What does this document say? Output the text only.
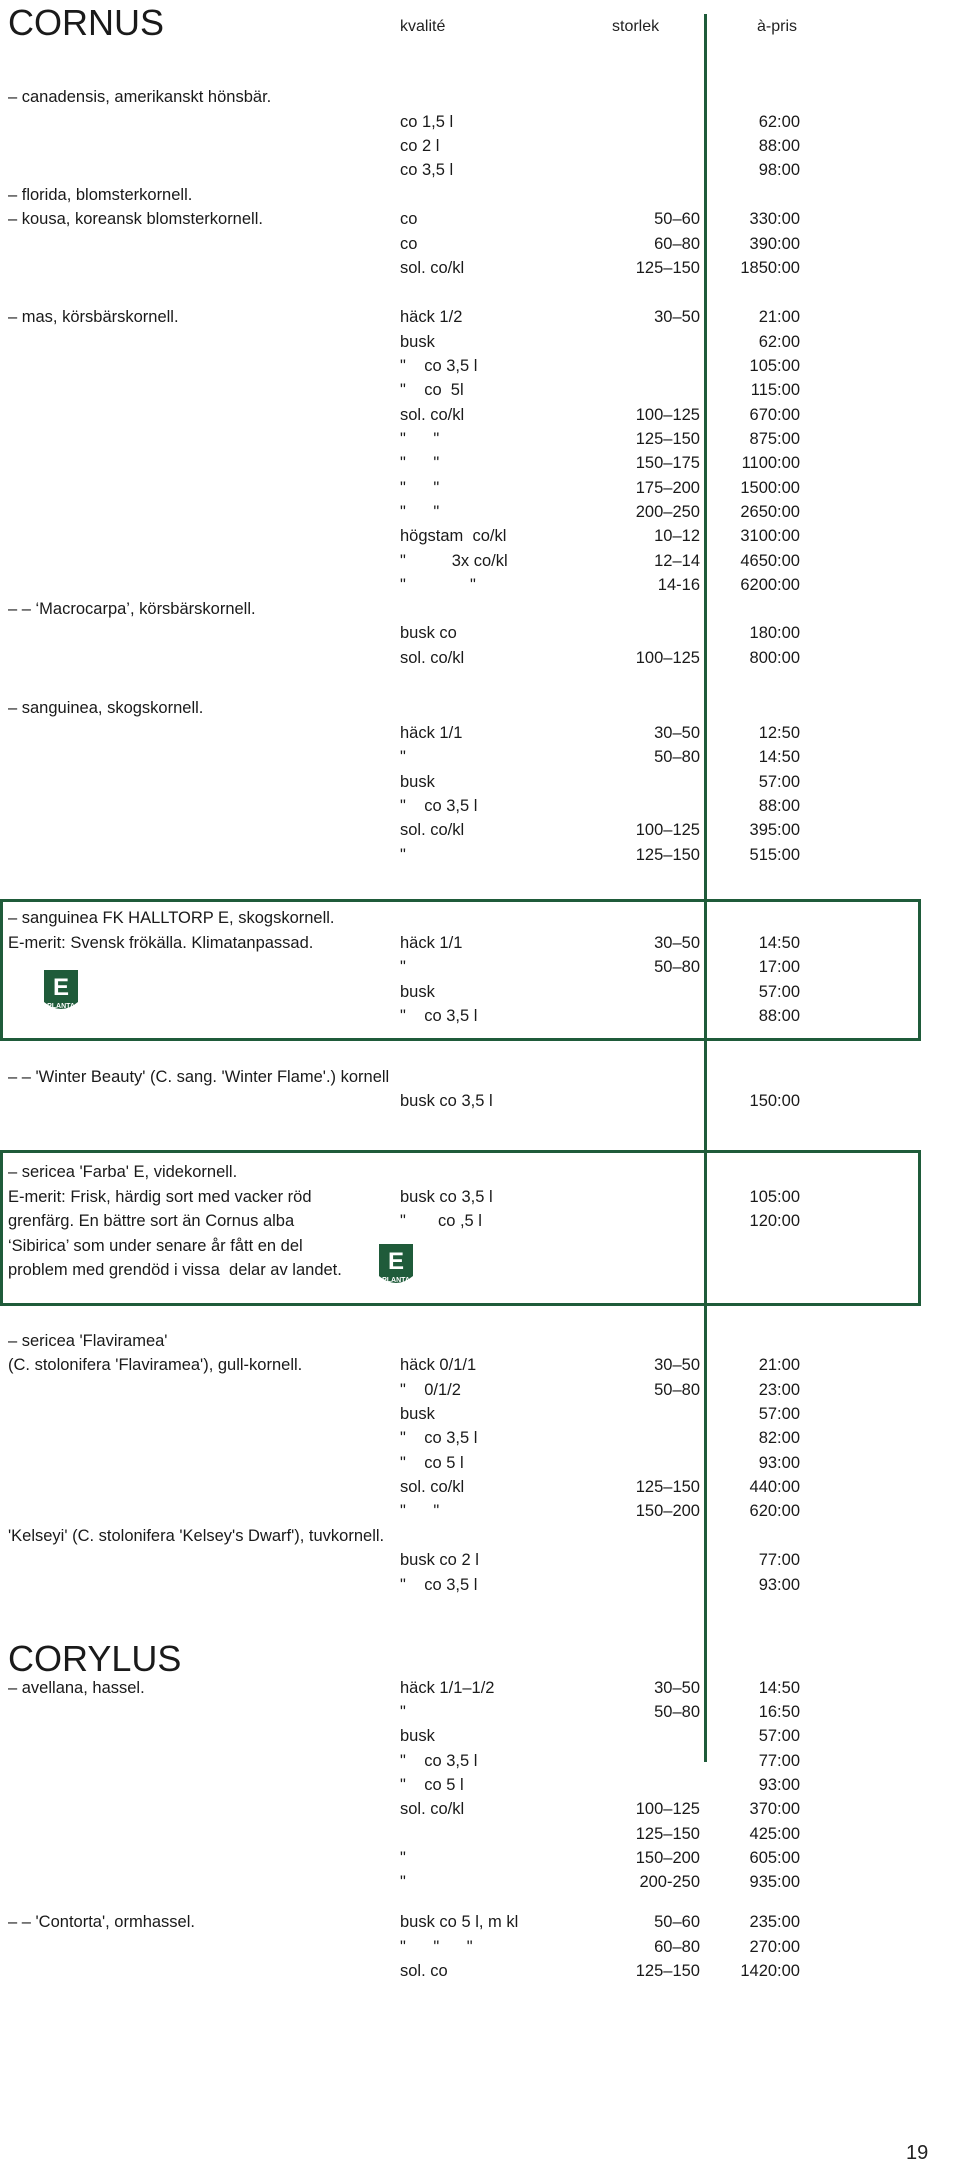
kvalité	storlek	à-pris
CORNUS
– canadensis, amerikanskt hönsbär.
co 1,5 l	62:00
co 2 l	88:00
co 3,5 l	98:00
– florida, blomsterkornell.
– kousa, koreansk blomsterkornell.	co	50–60	330:00
co	60–80	390:00
sol. co/kl	125–150	1850:00
– mas, körsbärskornell.	häck 1/2	30–50	21:00
busk	62:00
"    co 3,5 l	105:00
"    co  5l	115:00
sol. co/kl	100–125	670:00
"      "	125–150	875:00
"      "	150–175	1100:00
"      "	175–200	1500:00
"      "	200–250	2650:00
högstam  co/kl	10–12	3100:00
"          3x co/kl	12–14	4650:00
"              "	14-16	6200:00
– – ‘Macrocarpa’, körsbärskornell.
busk co	180:00
sol. co/kl	100–125	800:00
– sanguinea, skogskornell.
häck 1/1	30–50	12:50
"	50–80	14:50
busk	57:00
"    co 3,5 l	88:00
sol. co/kl	100–125	395:00
"	125–150	515:00
– sanguinea FK HALLTORP E, skogskornell.
E-merit: Svensk frökälla. Klimatanpassad.	häck 1/1	30–50	14:50
"	50–80	17:00
busk	57:00
"    co 3,5 l	88:00
– – 'Winter Beauty' (C. sang. 'Winter Flame'.) kornell
busk co 3,5 l	150:00
– sericea 'Farba' E, videkornell.
E-merit: Frisk, härdig sort med vacker röd	busk co 3,5 l	105:00
grenfärg. En bättre sort än Cornus alba	"       co ,5 l	120:00
‘Sibirica’ som under senare år fått en del
problem med grendöd i vissa  delar av landet.
– sericea 'Flaviramea'
(C. stolonifera 'Flaviramea'), gull-kornell.	häck 0/1/1	30–50	21:00
"    0/1/2	50–80	23:00
busk	57:00
"    co 3,5 l	82:00
"    co 5 l	93:00
sol. co/kl	125–150	440:00
"      "	150–200	620:00
'Kelseyi' (C. stolonifera 'Kelsey's Dwarf'), tuvkornell.
busk co 2 l	77:00
"    co 3,5 l	93:00
CORYLUS
– avellana, hassel.	häck 1/1–1/2	30–50	14:50
"	50–80	16:50
busk	57:00
"    co 3,5 l	77:00
"    co 5 l	93:00
sol. co/kl	100–125	370:00
125–150	425:00
"	150–200	605:00
"	200-250	935:00
– – 'Contorta', ormhassel.	busk co 5 l, m kl	50–60	235:00
"      "      "	60–80	270:00
sol. co	125–150	1420:00
E
PLANTA
E
PLANTA
19
